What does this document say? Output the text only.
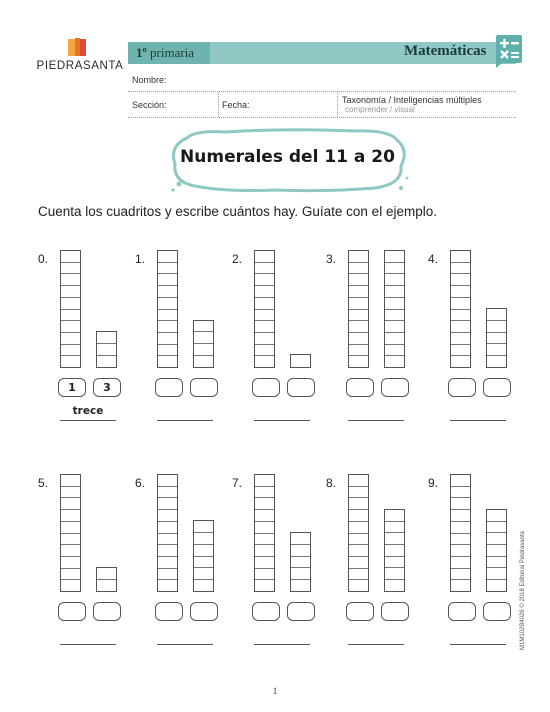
PIEDRASANTA
1º primaria	Matemáticas
Nombre:
Sección:	Fecha:	Taxonomía / Inteligencias múltiples
comprender / visual
Numerales del 11 a 20
Cuenta los cuadritos y escribe cuántos hay. Guíate con el ejemplo.
0.
1	3
trece
1.	2.	3.	4.
5.	6.	7.	8.	9.
1
M1M102B4026 © 2018 Editorial Piedrasanta
